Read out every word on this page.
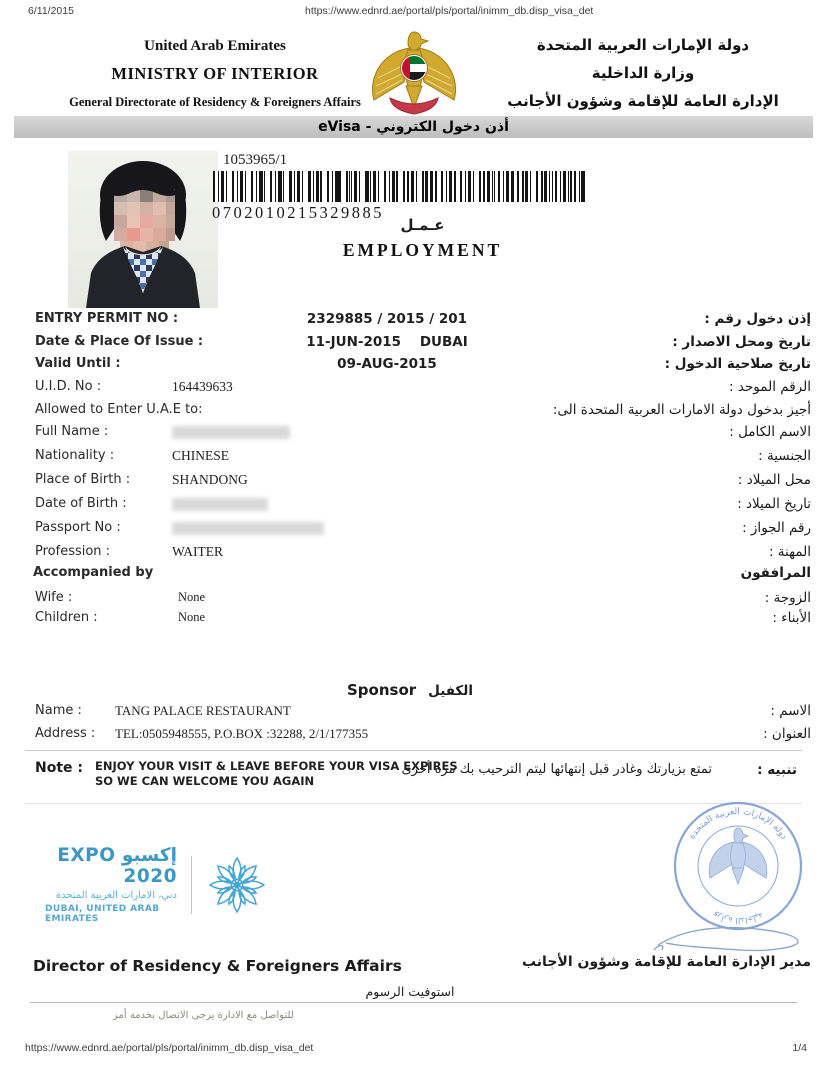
6/11/2015	https://www.ednrd.ae/portal/pls/portal/inimm_db.disp_visa_det
United Arab Emirates
MINISTRY OF INTERIOR
General Directorate of Residency & Foreigners Affairs
دولة الإمارات العربية المتحدة
وزارة الداخلية
الإدارة العامة للإقامة وشؤون الأجانب
أذن دخول الكتروني - eVisa
1053965/1
0702010215329885
عـمـل
EMPLOYMENT
ENTRY PERMIT NO :	2329885 / 2015 / 201	إذن دخول رقم :
Date & Place Of Issue :	11-JUN-2015    DUBAI	تاريخ ومحل الاصدار :
Valid Until :	09-AUG-2015	تاريخ صلاحية الدخول :
U.I.D. No :	164439633	الرقم الموحد :
Allowed to Enter U.A.E to:	أجيز بدخول دولة الامارات العربية المتحدة الى:
Full Name :	الاسم الكامل :
Nationality :	CHINESE	الجنسية :
Place of Birth :	SHANDONG	محل الميلاد :
Date of Birth :	تاريخ الميلاد :
Passport No :	رقم الجواز :
Profession :	WAITER	المهنة :
Accompanied by	المرافقون
Wife :	None	الزوجة :
Children :	None	الأبناء :
Sponsor الكفيل
Name :	TANG PALACE RESTAURANT	الاسم :
Address : TEL:0505948555, P.O.BOX :32288, 2/1/177355	العنوان :
Note : ENJOY YOUR VISIT & LEAVE BEFORE YOUR VISA EXPIRES SO WE CAN WELCOME YOU AGAIN
تمتع بزيارتك وغادر قبل إنتهائها ليتم الترحيب بك مرة أخرى	تنبيه :
إكسبو EXPO 2020
دبي، الامارات العربية المتحدة
DUBAI, UNITED ARAB EMIRATES
دولة الإمارات العربية المتحدة
وزارة الداخلية
Director of Residency & Foreigners Affairs	مدير الإدارة العامة للإقامة وشؤون الأجانب
استوفيت الرسوم
للتواصل مع الادارة يرجى الاتصال بخدمة أمر
https://www.ednrd.ae/portal/pls/portal/inimm_db.disp_visa_det	1/4
